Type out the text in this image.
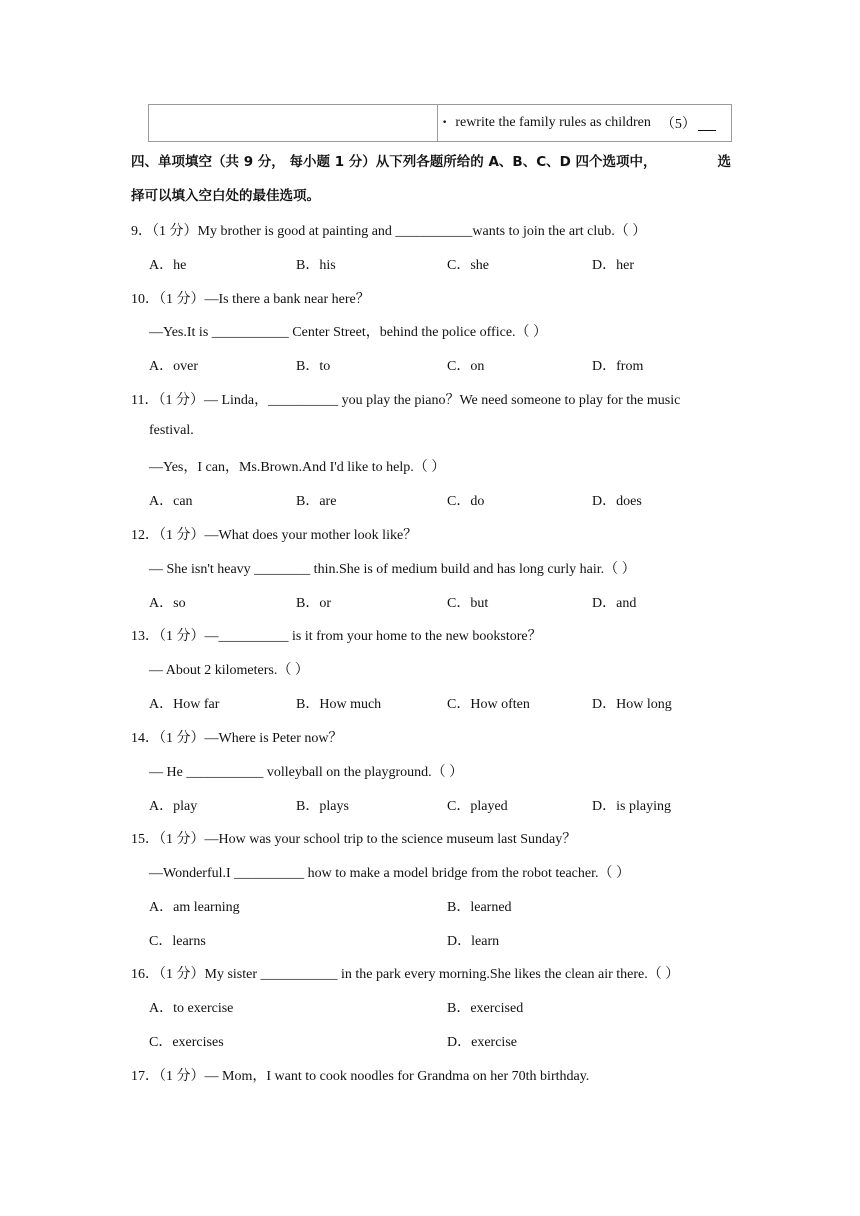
• rewrite the family rules as children （5）
四、单项填空（共 9 分， 每小题 1 分）从下列各题所给的 A、B、C、D 四个选项中，	选
择可以填入空白处的最佳选项。
9．（1 分）My brother is good at painting and ___________wants to join the art club.（ ）
A．he	B．his	C．she	D．her
10．（1 分）—Is there a bank near here？
—Yes.It is ___________ Center Street，behind the police office.（ ）
A．over	B．to	C．on	D．from
11．（1 分）— Linda，__________ you play the piano？We need someone to play for the music
festival.
—Yes，I can，Ms.Brown.And I'd like to help.（ ）
A．can	B．are	C．do	D．does
12．（1 分）—What does your mother look like？
— She isn't heavy ________ thin.She is of medium build and has long curly hair.（ ）
A．so	B．or	C．but	D．and
13．（1 分）—__________ is it from your home to the new bookstore？
— About 2 kilometers.（ ）
A．How far	B．How much	C．How often	D．How long
14．（1 分）—Where is Peter now？
— He ___________ volleyball on the playground.（ ）
A．play	B．plays	C．played	D．is playing
15．（1 分）—How was your school trip to the science museum last Sunday？
—Wonderful.I __________ how to make a model bridge from the robot teacher.（ ）
A．am learning	B．learned
C．learns	D．learn
16．（1 分）My sister ___________ in the park every morning.She likes the clean air there.（ ）
A．to exercise	B．exercised
C．exercises	D．exercise
17．（1 分）— Mom，I want to cook noodles for Grandma on her 70th birthday.
